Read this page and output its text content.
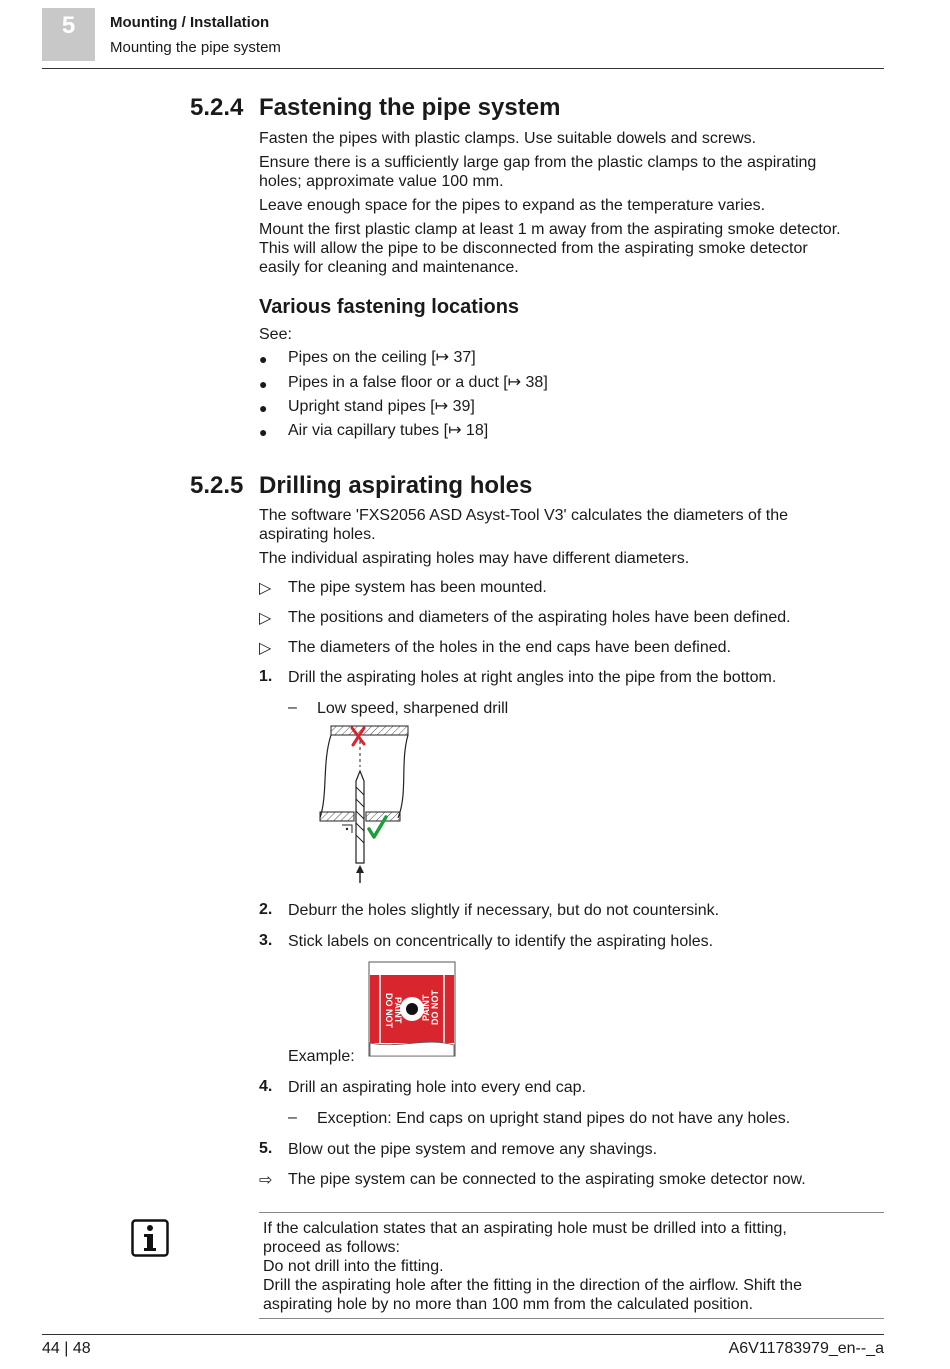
5 Mounting / Installation
Mounting the pipe system
5.2.4 Fastening the pipe system
Fasten the pipes with plastic clamps. Use suitable dowels and screws.
Ensure there is a sufficiently large gap from the plastic clamps to the aspirating
holes; approximate value 100 mm.
Leave enough space for the pipes to expand as the temperature varies.
Mount the first plastic clamp at least 1 m away from the aspirating smoke detector.
This will allow the pipe to be disconnected from the aspirating smoke detector
easily for cleaning and maintenance.
Various fastening locations
See:
● Pipes on the ceiling [↦ 37]
● Pipes in a false floor or a duct [↦ 38]
● Upright stand pipes [↦ 39]
● Air via capillary tubes [↦ 18]
5.2.5 Drilling aspirating holes
The software 'FXS2056 ASD Asyst-Tool V3' calculates the diameters of the
aspirating holes.
The individual aspirating holes may have different diameters.
▷ The pipe system has been mounted.
▷ The positions and diameters of the aspirating holes have been defined.
▷ The diameters of the holes in the end caps have been defined.
1. Drill the aspirating holes at right angles into the pipe from the bottom.
– Low speed, sharpened drill
2. Deburr the holes slightly if necessary, but do not countersink.
3. Stick labels on concentrically to identify the aspirating holes.
DO NOT PAINT	DO NOT
PAINT
Example:
4. Drill an aspirating hole into every end cap.
– Exception: End caps on upright stand pipes do not have any holes.
5. Blow out the pipe system and remove any shavings.
⇨ The pipe system can be connected to the aspirating smoke detector now.
If the calculation states that an aspirating hole must be drilled into a fitting,
proceed as follows:
Do not drill into the fitting.
Drill the aspirating hole after the fitting in the direction of the airflow. Shift the
aspirating hole by no more than 100 mm from the calculated position.
44 | 48	A6V11783979_en--_a
